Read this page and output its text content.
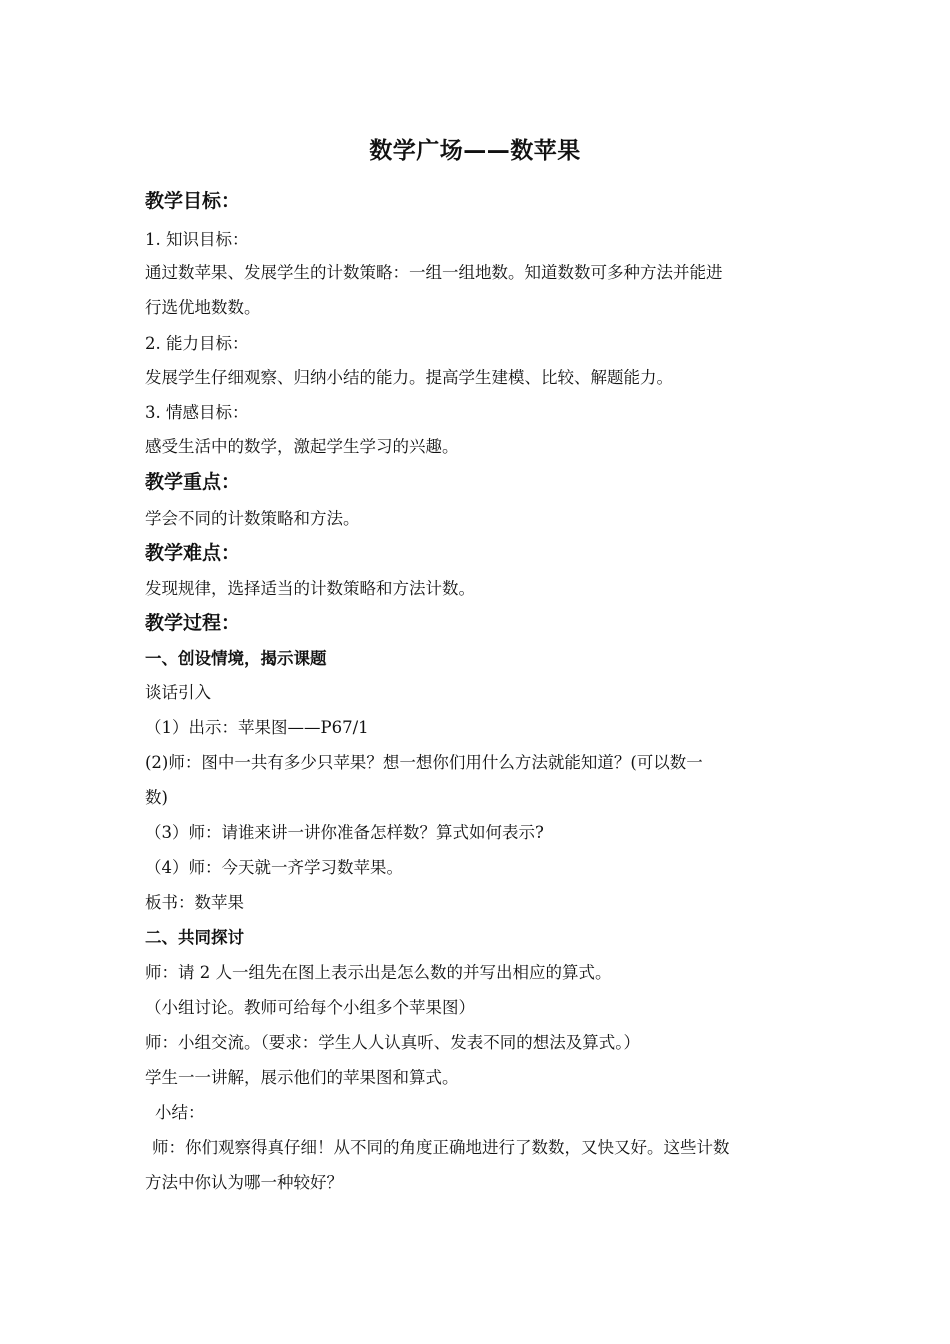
数学广场——数苹果
教学目标：
1. 知识目标：
通过数苹果、发展学生的计数策略：一组一组地数。知道数数可多种方法并能进
行选优地数数。
2. 能力目标：
发展学生仔细观察、归纳小结的能力。提高学生建模、比较、解题能力。
3. 情感目标：
感受生活中的数学，激起学生学习的兴趣。
教学重点：
学会不同的计数策略和方法。
教学难点：
发现规律，选择适当的计数策略和方法计数。
教学过程：
一、创设情境，揭示课题
谈话引入
（1）出示：苹果图——P67/1
(2)师：图中一共有多少只苹果？想一想你们用什么方法就能知道？(可以数一
数)
（3）师：请谁来讲一讲你准备怎样数？算式如何表示?
（4）师：今天就一齐学习数苹果。
板书：数苹果
二、共同探讨
师：请 2 人一组先在图上表示出是怎么数的并写出相应的算式。
（小组讨论。教师可给每个小组多个苹果图）
师：小组交流。（要求：学生人人认真听、发表不同的想法及算式。）
学生一一讲解，展示他们的苹果图和算式。
小结：
师：你们观察得真仔细！从不同的角度正确地进行了数数，又快又好。这些计数
方法中你认为哪一种较好？
